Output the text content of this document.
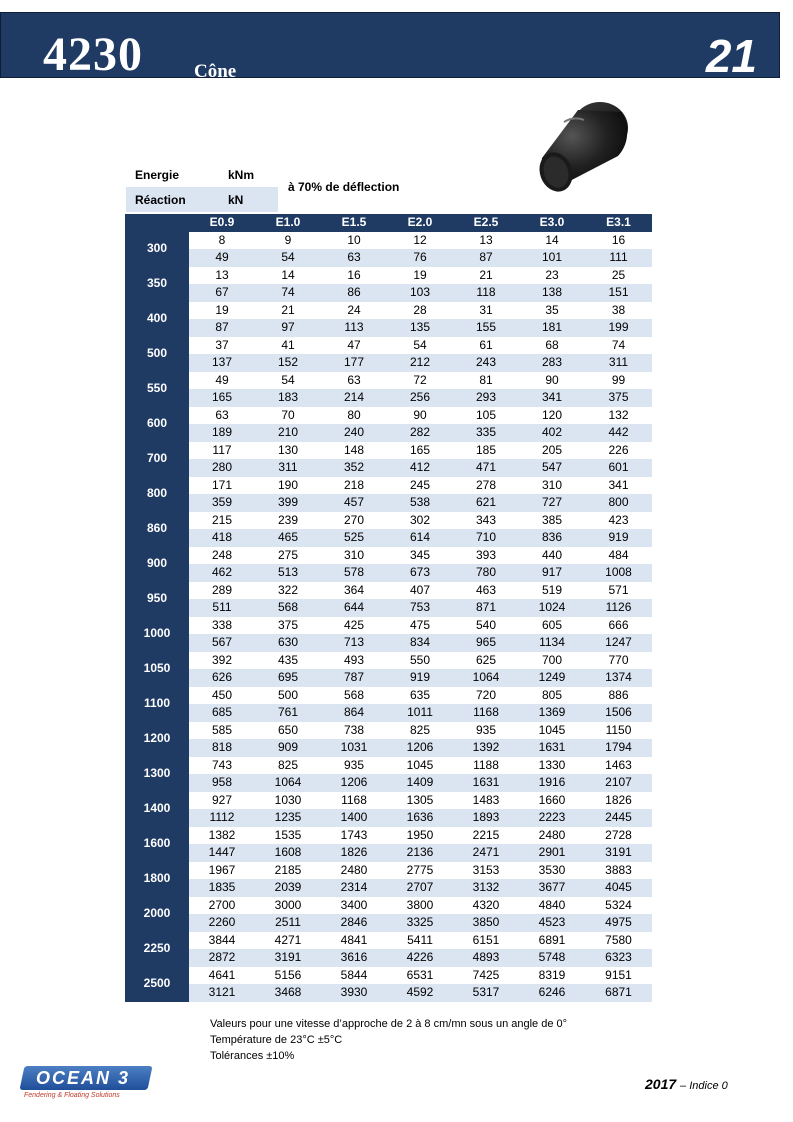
4230	Cône	21
Energie	kNm
Réaction	kN
à 70% de déflection
	E0.9	E1.0	E1.5	E2.0	E2.5	E3.0	E3.1
300	8	9	10	12	13	14	16
	49	54	63	76	87	101	111
350	13	14	16	19	21	23	25
	67	74	86	103	118	138	151
400	19	21	24	28	31	35	38
	87	97	113	135	155	181	199
500	37	41	47	54	61	68	74
	137	152	177	212	243	283	311
550	49	54	63	72	81	90	99
	165	183	214	256	293	341	375
600	63	70	80	90	105	120	132
	189	210	240	282	335	402	442
700	117	130	148	165	185	205	226
	280	311	352	412	471	547	601
800	171	190	218	245	278	310	341
	359	399	457	538	621	727	800
860	215	239	270	302	343	385	423
	418	465	525	614	710	836	919
900	248	275	310	345	393	440	484
	462	513	578	673	780	917	1008
950	289	322	364	407	463	519	571
	511	568	644	753	871	1024	1126
1000	338	375	425	475	540	605	666
	567	630	713	834	965	1134	1247
1050	392	435	493	550	625	700	770
	626	695	787	919	1064	1249	1374
1100	450	500	568	635	720	805	886
	685	761	864	1011	1168	1369	1506
1200	585	650	738	825	935	1045	1150
	818	909	1031	1206	1392	1631	1794
1300	743	825	935	1045	1188	1330	1463
	958	1064	1206	1409	1631	1916	2107
1400	927	1030	1168	1305	1483	1660	1826
	1112	1235	1400	1636	1893	2223	2445
1600	1382	1535	1743	1950	2215	2480	2728
	1447	1608	1826	2136	2471	2901	3191
1800	1967	2185	2480	2775	3153	3530	3883
	1835	2039	2314	2707	3132	3677	4045
2000	2700	3000	3400	3800	4320	4840	5324
	2260	2511	2846	3325	3850	4523	4975
2250	3844	4271	4841	5411	6151	6891	7580
	2872	3191	3616	4226	4893	5748	6323
2500	4641	5156	5844	6531	7425	8319	9151
	3121	3468	3930	4592	5317	6246	6871
Valeurs pour une vitesse d’approche de 2 à 8 cm/mn sous un angle de 0°
Température de 23°C ±5°C
Tolérances ±10%
OCEAN 3
Fendering & Floating Solutions
2017 – Indice 0
